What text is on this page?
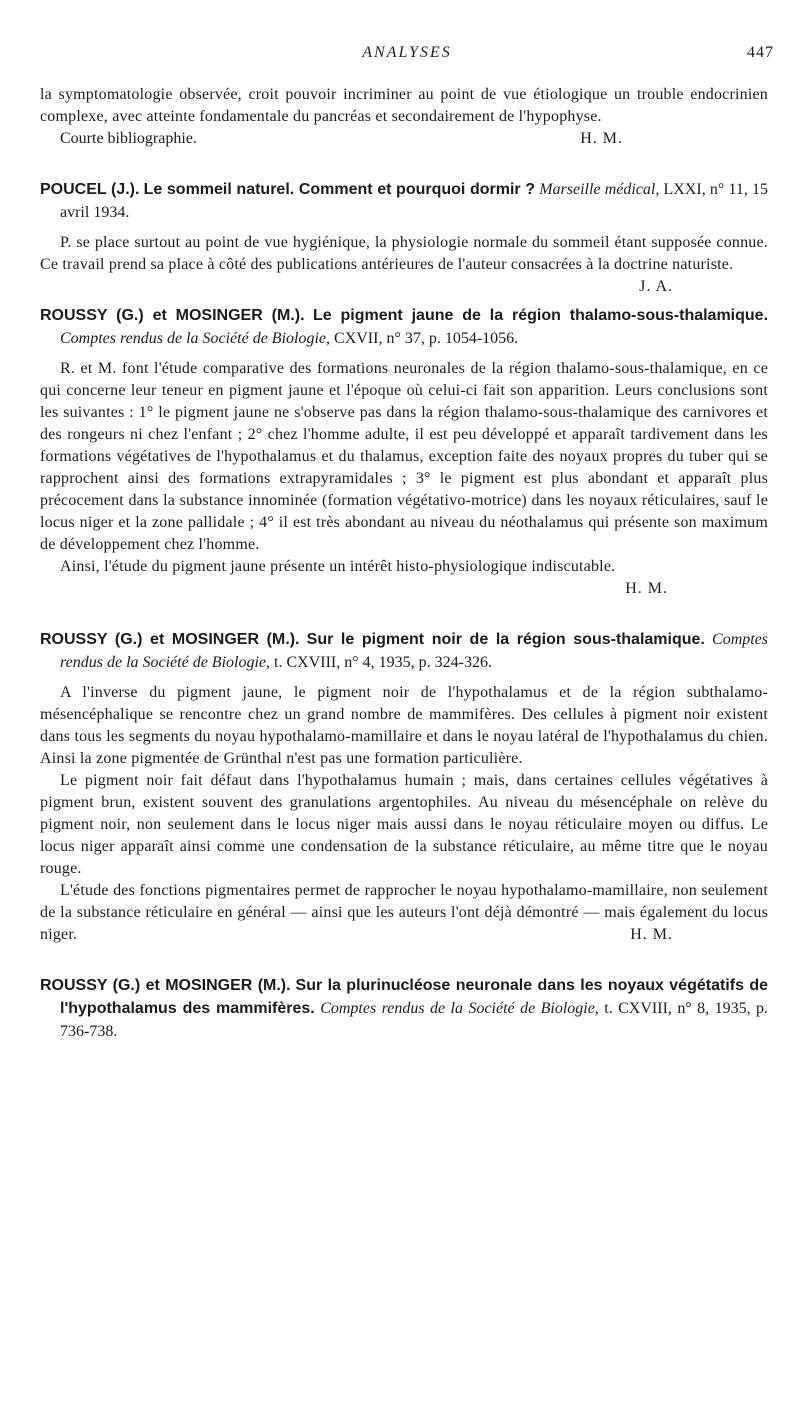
ANALYSES	447

la symptomatologie observée, croit pouvoir incriminer au point de vue étiologique un trouble endocrinien complexe, avec atteinte fondamentale du pancréas et secondairement de l'hypophyse.

Courte bibliographie.	H. M.

POUCEL (J.). Le sommeil naturel. Comment et pourquoi dormir ? Marseille médical, LXXI, n° 11, 15 avril 1934.

P. se place surtout au point de vue hygiénique, la physiologie normale du sommeil étant supposée connue. Ce travail prend sa place à côté des publications antérieures de l'auteur consacrées à la doctrine naturiste.
J. A.

ROUSSY (G.) et MOSINGER (M.). Le pigment jaune de la région thalamo-sous-thalamique. Comptes rendus de la Société de Biologie, CXVII, n° 37, p. 1054-1056.

R. et M. font l'étude comparative des formations neuronales de la région thalamo-sous-thalamique, en ce qui concerne leur teneur en pigment jaune et l'époque où celui-ci fait son apparition. Leurs conclusions sont les suivantes : 1° le pigment jaune ne s'observe pas dans la région thalamo-sous-thalamique des carnivores et des rongeurs ni chez l'enfant ; 2° chez l'homme adulte, il est peu développé et apparaît tardivement dans les formations végétatives de l'hypothalamus et du thalamus, exception faite des noyaux propres du tuber qui se rapprochent ainsi des formations extrapyramidales ; 3° le pigment est plus abondant et apparaît plus précocement dans la substance innominée (formation végétativo-motrice) dans les noyaux réticulaires, sauf le locus niger et la zone pallidale ; 4° il est très abondant au niveau du néothalamus qui présente son maximum de développement chez l'homme.

Ainsi, l'étude du pigment jaune présente un intérêt histo-physiologique indiscutable.

H. M.

ROUSSY (G.) et MOSINGER (M.). Sur le pigment noir de la région sous-thalamique. Comptes rendus de la Société de Biologie, t. CXVIII, n° 4, 1935, p. 324-326.

A l'inverse du pigment jaune, le pigment noir de l'hypothalamus et de la région subthalamo-mésencéphalique se rencontre chez un grand nombre de mammifères. Des cellules à pigment noir existent dans tous les segments du noyau hypothalamo-mamillaire et dans le noyau latéral de l'hypothalamus du chien. Ainsi la zone pigmentée de Grünthal n'est pas une formation particulière.

Le pigment noir fait défaut dans l'hypothalamus humain ; mais, dans certaines cellules végétatives à pigment brun, existent souvent des granulations argentophiles. Au niveau du mésencéphale on relève du pigment noir, non seulement dans le locus niger mais aussi dans le noyau réticulaire moyen ou diffus. Le locus niger apparaît ainsi comme une condensation de la substance réticulaire, au même titre que le noyau rouge.

L'étude des fonctions pigmentaires permet de rapprocher le noyau hypothalamo-mamillaire, non seulement de la substance réticulaire en général — ainsi que les auteurs l'ont déjà démontré — mais également du locus niger.	H. M.

ROUSSY (G.) et MOSINGER (M.). Sur la plurinucléose neuronale dans les noyaux végétatifs de l'hypothalamus des mammifères. Comptes rendus de la Société de Biologie, t. CXVIII, n° 8, 1935, p. 736-738.
